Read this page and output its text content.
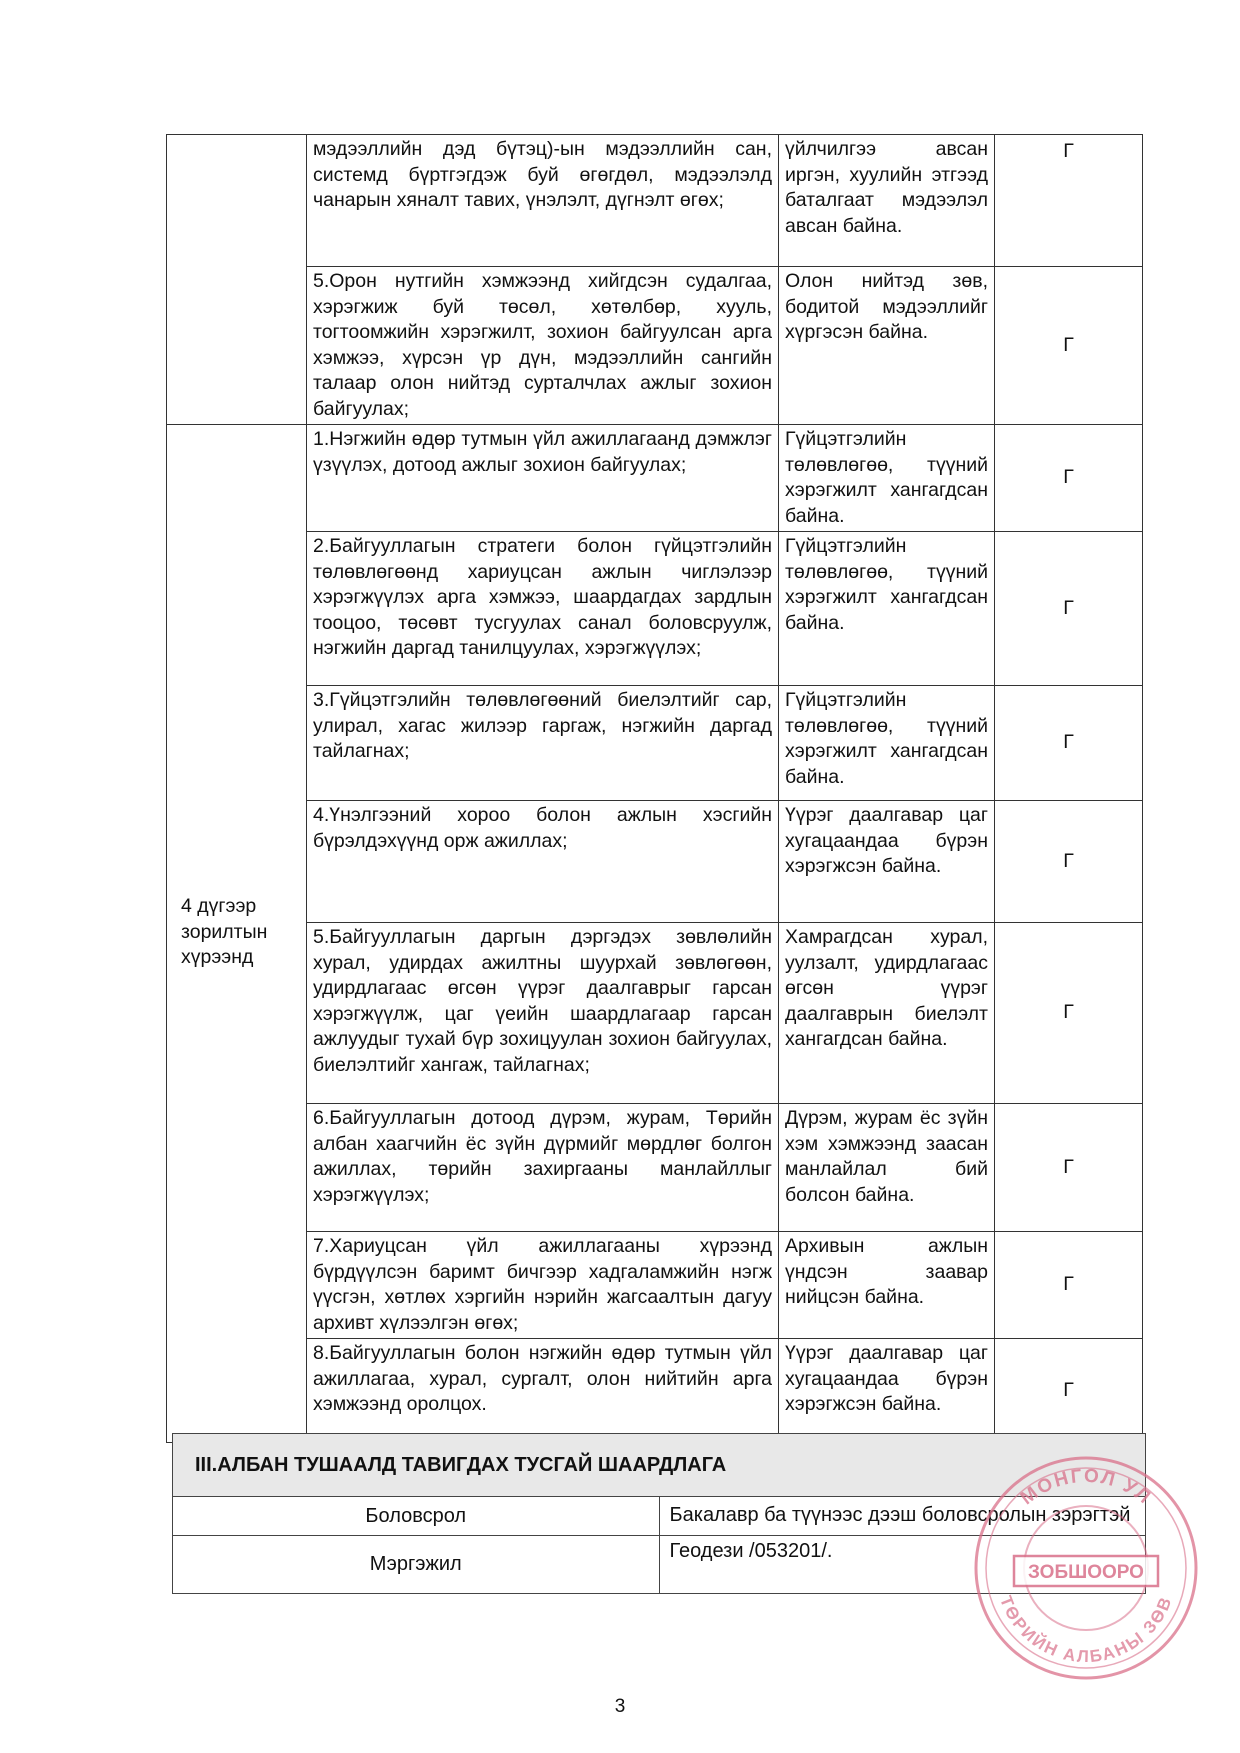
	мэдээллийн дэд бүтэц)-ын мэдээллийн сан, системд бүртгэгдэж буй өгөгдөл, мэдээлэлд чанарын хяналт тавих, үнэлэлт, дүгнэлт өгөх;	үйлчилгээ авсан иргэн, хуулийн этгээд баталгаат мэдээлэл авсан байна.	Г
	5.Орон нутгийн хэмжээнд хийгдсэн судалгаа, хэрэгжиж буй төсөл, хөтөлбөр, хууль, тогтоомжийн хэрэгжилт, зохион байгуулсан арга хэмжээ, хүрсэн үр дүн, мэдээллийн сангийн талаар олон нийтэд сурталчлах ажлыг зохион байгуулах;	Олон нийтэд зөв, бодитой мэдээллийг хүргэсэн байна.	Г
4 дүгээр зорилтын хүрээнд	1.Нэгжийн өдөр тутмын үйл ажиллагаанд дэмжлэг үзүүлэх, дотоод ажлыг зохион байгуулах;	Гүйцэтгэлийн төлөвлөгөө, түүний хэрэгжилт хангагдсан байна.	Г
	2.Байгууллагын стратеги болон гүйцэтгэлийн төлөвлөгөөнд хариуцсан ажлын чиглэлээр хэрэгжүүлэх арга хэмжээ, шаардагдах зардлын тооцоо, төсөвт тусгуулах санал боловсруулж, нэгжийн даргад танилцуулах, хэрэгжүүлэх;	Гүйцэтгэлийн төлөвлөгөө, түүний хэрэгжилт хангагдсан байна.	Г
	3.Гүйцэтгэлийн төлөвлөгөөний биелэлтийг сар, улирал, хагас жилээр гаргаж, нэгжийн даргад тайлагнах;	Гүйцэтгэлийн төлөвлөгөө, түүний хэрэгжилт хангагдсан байна.	Г
	4.Үнэлгээний хороо болон ажлын хэсгийн бүрэлдэхүүнд орж ажиллах;	Үүрэг даалгавар цаг хугацаандаа бүрэн хэрэгжсэн байна.	Г
	5.Байгууллагын даргын дэргэдэх зөвлөлийн хурал, удирдах ажилтны шуурхай зөвлөгөөн, удирдлагаас өгсөн үүрэг даалгаврыг гарсан хэрэгжүүлж, цаг үеийн шаардлагаар гарсан ажлуудыг тухай бүр зохицуулан зохион байгуулах, биелэлтийг хангаж, тайлагнах;	Хамрагдсан хурал, уулзалт, удирдлагаас өгсөн үүрэг даалгаврын биелэлт хангагдсан байна.	Г
	6.Байгууллагын дотоод дүрэм, журам, Төрийн албан хаагчийн ёс зүйн дүрмийг мөрдлөг болгон ажиллах, төрийн захиргааны манлайллыг хэрэгжүүлэх;	Дүрэм, журам ёс зүйн хэм хэмжээнд заасан манлайлал бий болсон байна.	Г
	7.Хариуцсан үйл ажиллагааны хүрээнд бүрдүүлсэн баримт бичгээр хадгаламжийн нэгж үүсгэн, хөтлөх хэргийн нэрийн жагсаалтын дагуу архивт хүлээлгэн өгөх;	Архивын ажлын үндсэн заавар нийцсэн байна.	Г
	8.Байгууллагын болон нэгжийн өдөр тутмын үйл ажиллагаа, хурал, сургалт, олон нийтийн арга хэмжээнд оролцох.	Үүрэг даалгавар цаг хугацаандаа бүрэн хэрэгжсэн байна.	Г
III.АЛБАН ТУШААЛД ТАВИГДАХ ТУСГАЙ ШААРДЛАГА	
Боловсрол	Бакалавр ба түүнээс дээш боловсролын зэрэгтэй
Мэргэжил	Геодези /053201/.
МОНГОЛ УЛ
ТӨРИЙН АЛБАНЫ ЗӨВ
ЗОБШООРО
3
